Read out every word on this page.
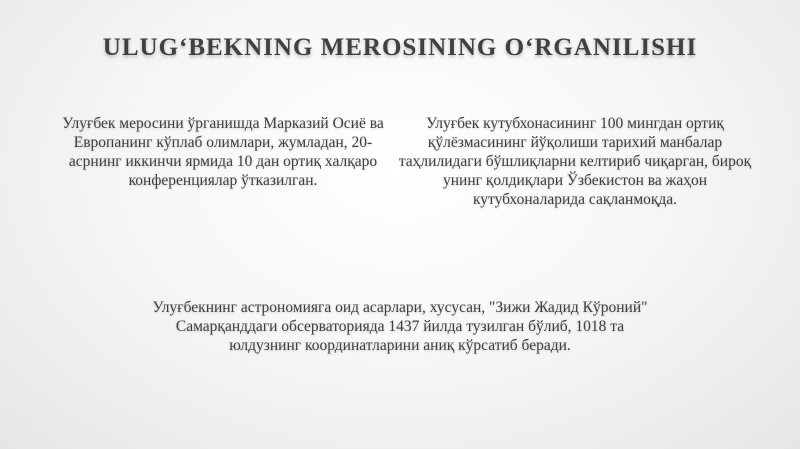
ULUG‘BEKNING MEROSINING O‘RGANILISHI
Улуғбек меросини ўрганишда Марказий Осиё ва Европанинг кўплаб олимлари, жумладан, 20-асрнинг иккинчи ярмида 10 дан ортиқ халқаро конференциялар ўтказилган.
Улуғбек кутубхонасининг 100 мингдан ортиқ қўлёзмасининг йўқолиши тарихий манбалар таҳлилидаги бўшлиқларни келтириб чиқарган, бироқ унинг қолдиқлари Ўзбекистон ва жаҳон кутубхоналарида сақланмоқда.
Улуғбекнинг астрономияга оид асарлари, хусусан, "Зижи Жадид Кўроний" Самарқанддаги обсерваторияда 1437 йилда тузилган бўлиб, 1018 та юлдузнинг координатларини аниқ кўрсатиб беради.
